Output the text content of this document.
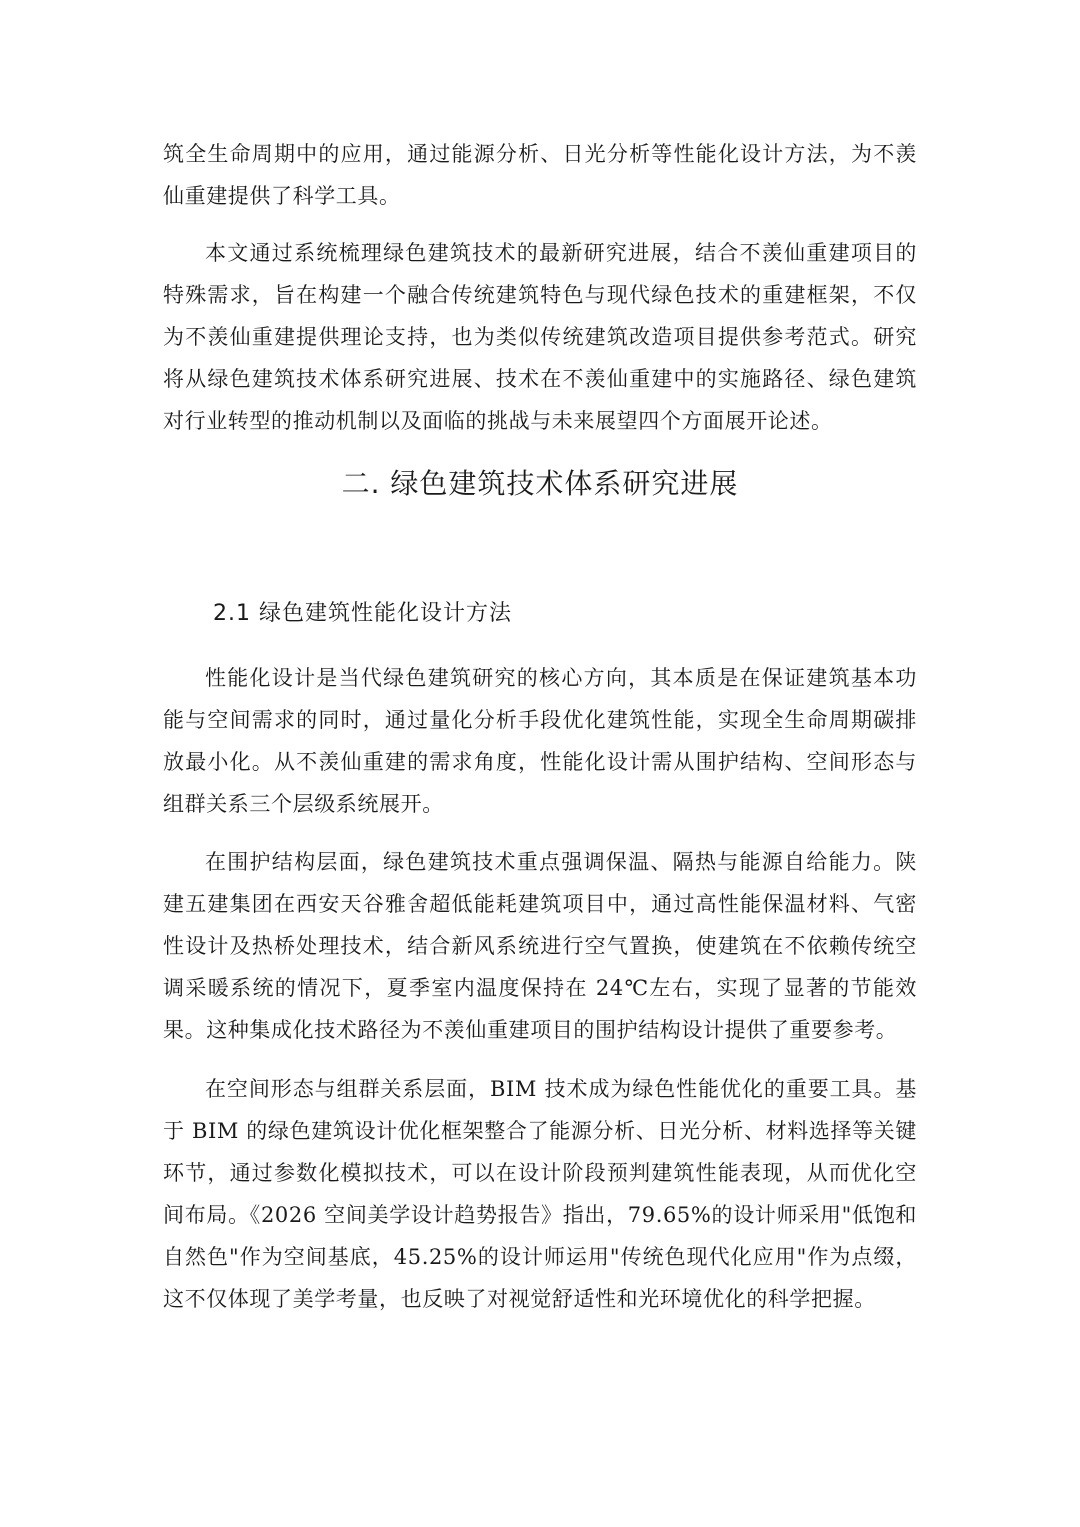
筑全生命周期中的应用，通过能源分析、日光分析等性能化设计方法，为不羡仙重建提供了科学工具。

本文通过系统梳理绿色建筑技术的最新研究进展，结合不羡仙重建项目的特殊需求，旨在构建一个融合传统建筑特色与现代绿色技术的重建框架，不仅为不羡仙重建提供理论支持，也为类似传统建筑改造项目提供参考范式。研究将从绿色建筑技术体系研究进展、技术在不羡仙重建中的实施路径、绿色建筑对行业转型的推动机制以及面临的挑战与未来展望四个方面展开论述。

二. 绿色建筑技术体系研究进展
2.1 绿色建筑性能化设计方法

性能化设计是当代绿色建筑研究的核心方向，其本质是在保证建筑基本功能与空间需求的同时，通过量化分析手段优化建筑性能，实现全生命周期碳排放最小化。从不羡仙重建的需求角度，性能化设计需从围护结构、空间形态与组群关系三个层级系统展开。

在围护结构层面，绿色建筑技术重点强调保温、隔热与能源自给能力。陕建五建集团在西安天谷雅舍超低能耗建筑项目中，通过高性能保温材料、气密性设计及热桥处理技术，结合新风系统进行空气置换，使建筑在不依赖传统空调采暖系统的情况下，夏季室内温度保持在 24℃左右，实现了显著的节能效果。这种集成化技术路径为不羡仙重建项目的围护结构设计提供了重要参考。

在空间形态与组群关系层面，BIM 技术成为绿色性能优化的重要工具。基于 BIM 的绿色建筑设计优化框架整合了能源分析、日光分析、材料选择等关键环节，通过参数化模拟技术，可以在设计阶段预判建筑性能表现，从而优化空间布局。《2026 空间美学设计趋势报告》指出，79.65%的设计师采用"低饱和自然色"作为空间基底，45.25%的设计师运用"传统色现代化应用"作为点缀，这不仅体现了美学考量，也反映了对视觉舒适性和光环境优化的科学把握。
